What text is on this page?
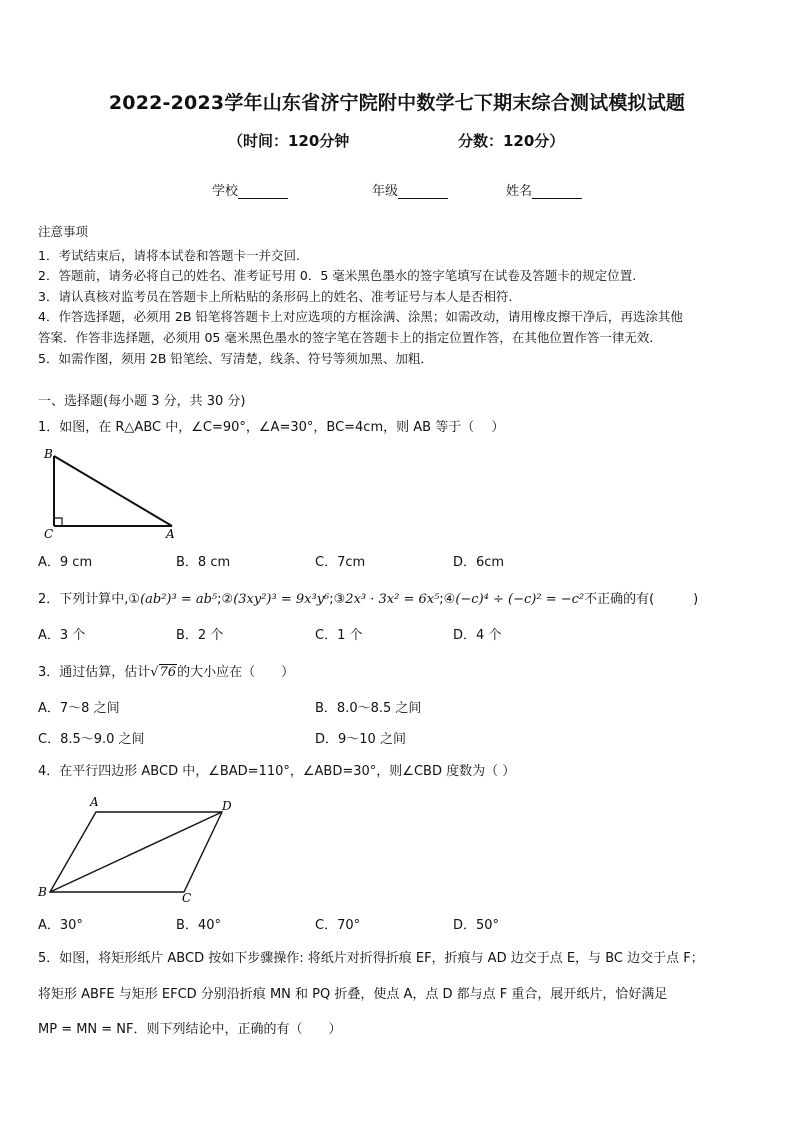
2022-2023学年山东省济宁院附中数学七下期末综合测试模拟试题
（时间：120分钟	分数：120分）
学校	年级	姓名
注意事项
1．考试结束后，请将本试卷和答题卡一并交回.
2．答题前，请务必将自己的姓名、准考证号用 0．5 毫米黑色墨水的签字笔填写在试卷及答题卡的规定位置.
3．请认真核对监考员在答题卡上所粘贴的条形码上的姓名、准考证号与本人是否相符.
4．作答选择题，必须用 2B 铅笔将答题卡上对应选项的方框涂满、涂黑；如需改动，请用橡皮擦干净后，再选涂其他
答案．作答非选择题，必须用 05 毫米黑色墨水的签字笔在答题卡上的指定位置作答，在其他位置作答一律无效．
5．如需作图，须用 2B 铅笔绘、写清楚，线条、符号等须加黑、加粗．
一、选择题(每小题 3 分，共 30 分)
1．如图，在 R△ABC 中，∠C=90°，∠A=30°，BC=4cm，则 AB 等于（　 ）
B
C	A
A．9 cm	B．8 cm	C．7cm	D．6cm
2．下列计算中,①(ab²)³ = ab⁵;②(3xy²)³ = 9x³y⁶;③2x³ · 3x² = 6x⁵;④(−c)⁴ ÷ (−c)² = −c²不正确的有(　　　)
A．3 个	B．2 个	C．1 个	D．4 个
3．通过估算，估计√76的大小应在（　　）
A．7～8 之间	B．8.0～8.5 之间
C．8.5～9.0 之间	D．9～10 之间
4．在平行四边形 ABCD 中，∠BAD=110°，∠ABD=30°，则∠CBD 度数为（ ）
A	D
B	C
A．30°	B．40°	C．70°	D．50°
5．如图，将矩形纸片 ABCD 按如下步骤操作: 将纸片对折得折痕 EF，折痕与 AD 边交于点 E，与 BC 边交于点 F；
将矩形 ABFE 与矩形 EFCD 分别沿折痕 MN 和 PQ 折叠，使点 A，点 D 都与点 F 重合，展开纸片，恰好满足
MP = MN = NF．则下列结论中，正确的有（　　）
